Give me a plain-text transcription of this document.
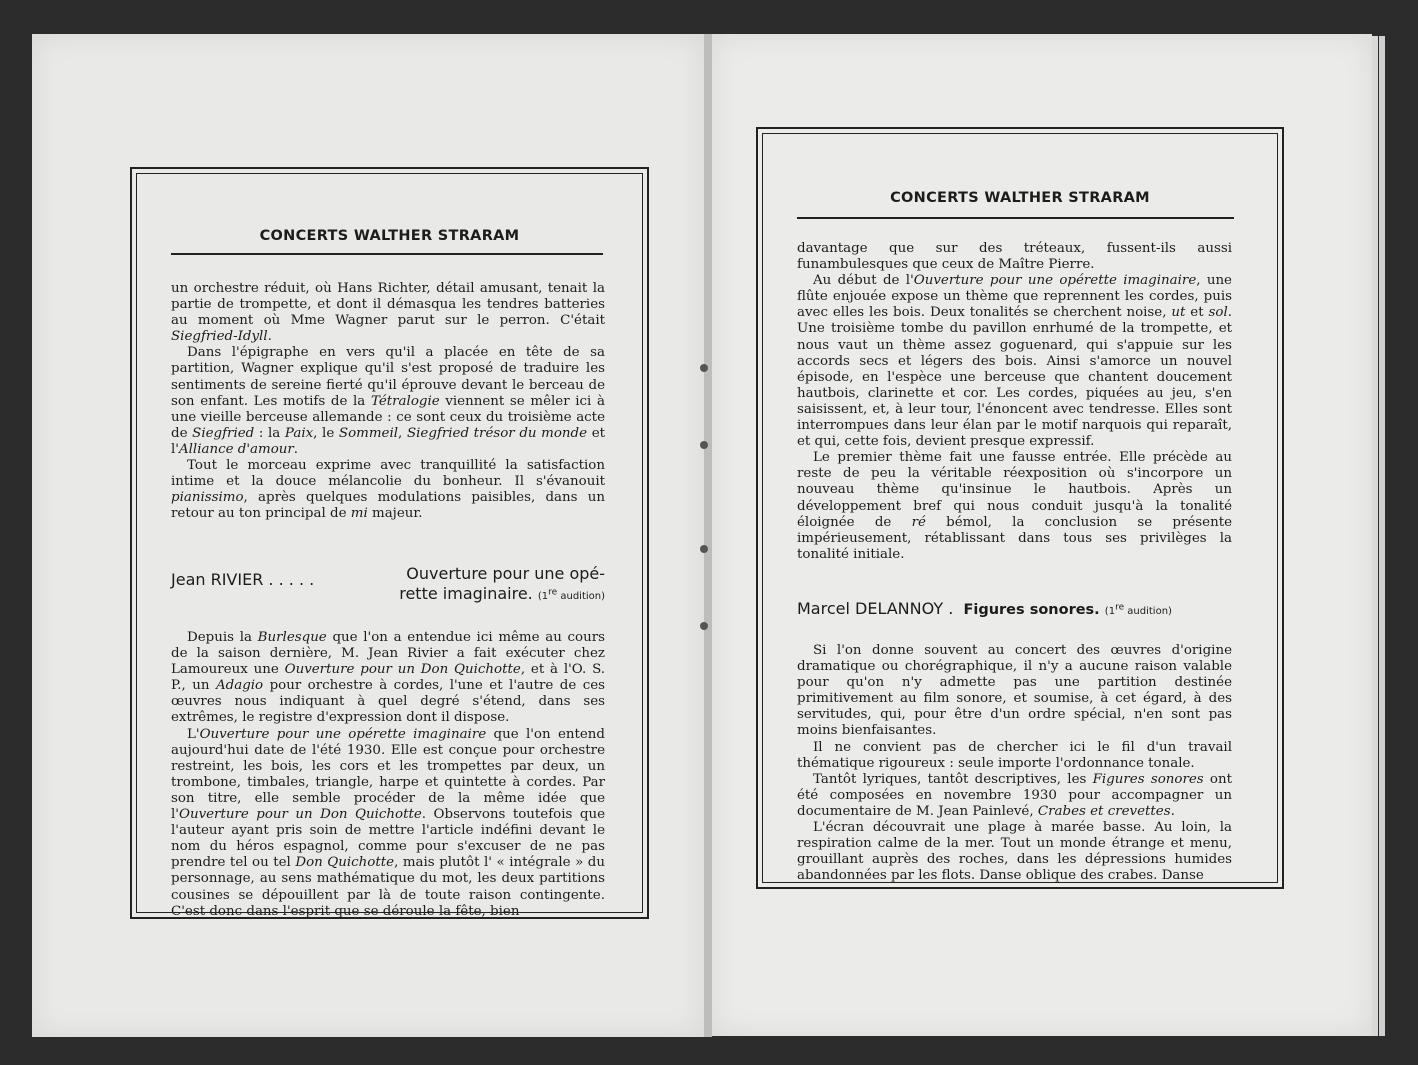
CONCERTS WALTHER STRARAM

un orchestre réduit, où Hans Richter, détail amusant, tenait la partie de trompette, et dont il démasqua les tendres batteries au moment où Mme Wagner parut sur le perron. C'était Siegfried-Idyll.

Dans l'épigraphe en vers qu'il a placée en tête de sa partition, Wagner explique qu'il s'est proposé de traduire les sentiments de sereine fierté qu'il éprouve devant le berceau de son enfant. Les motifs de la Tétralogie viennent se mêler ici à une vieille berceuse allemande : ce sont ceux du troisième acte de Siegfried : la Paix, le Sommeil, Siegfried trésor du monde et l'Alliance d'amour.

Tout le morceau exprime avec tranquillité la satisfaction intime et la douce mélancolie du bonheur. Il s'évanouit pianissimo, après quelques modulations paisibles, dans un retour au ton principal de mi majeur.

Jean RIVIER . . . . .	Ouverture pour une opé-
rette imaginaire. (1re audition)

Depuis la Burlesque que l'on a entendue ici même au cours de la saison dernière, M. Jean Rivier a fait exécuter chez Lamoureux une Ouverture pour un Don Quichotte, et à l'O. S. P., un Adagio pour orchestre à cordes, l'une et l'autre de ces œuvres nous indiquant à quel degré s'étend, dans ses extrêmes, le registre d'expression dont il dispose.

L'Ouverture pour une opérette imaginaire que l'on entend aujourd'hui date de l'été 1930. Elle est conçue pour orchestre restreint, les bois, les cors et les trompettes par deux, un trombone, timbales, triangle, harpe et quintette à cordes. Par son titre, elle semble procéder de la même idée que l'Ouverture pour un Don Quichotte. Observons toutefois que l'auteur ayant pris soin de mettre l'article indéfini devant le nom du héros espagnol, comme pour s'excuser de ne pas prendre tel ou tel Don Quichotte, mais plutôt l' « intégrale » du personnage, au sens mathématique du mot, les deux partitions cousines se dépouillent par là de toute raison contingente. C'est donc dans l'esprit que se déroule la fête, bien

CONCERTS WALTHER STRARAM

davantage que sur des tréteaux, fussent-ils aussi funambulesques que ceux de Maître Pierre.

Au début de l'Ouverture pour une opérette imaginaire, une flûte enjouée expose un thème que reprennent les cordes, puis avec elles les bois. Deux tonalités se cherchent noise, ut et sol. Une troisième tombe du pavillon enrhumé de la trompette, et nous vaut un thème assez goguenard, qui s'appuie sur les accords secs et légers des bois. Ainsi s'amorce un nouvel épisode, en l'espèce une berceuse que chantent doucement hautbois, clarinette et cor. Les cordes, piquées au jeu, s'en saisissent, et, à leur tour, l'énoncent avec tendresse. Elles sont interrompues dans leur élan par le motif narquois qui reparaît, et qui, cette fois, devient presque expressif.

Le premier thème fait une fausse entrée. Elle précède au reste de peu la véritable réexposition où s'incorpore un nouveau thème qu'insinue le hautbois. Après un développement bref qui nous conduit jusqu'à la tonalité éloignée de ré bémol, la conclusion se présente impérieusement, rétablissant dans tous ses privilèges la tonalité initiale.

Marcel DELANNOY . Figures sonores. (1re audition)

Si l'on donne souvent au concert des œuvres d'origine dramatique ou chorégraphique, il n'y a aucune raison valable pour qu'on n'y admette pas une partition destinée primitivement au film sonore, et soumise, à cet égard, à des servitudes, qui, pour être d'un ordre spécial, n'en sont pas moins bienfaisantes.

Il ne convient pas de chercher ici le fil d'un travail thématique rigoureux : seule importe l'ordonnance tonale.

Tantôt lyriques, tantôt descriptives, les Figures sonores ont été composées en novembre 1930 pour accompagner un documentaire de M. Jean Painlevé, Crabes et crevettes.

L'écran découvrait une plage à marée basse. Au loin, la respiration calme de la mer. Tout un monde étrange et menu, grouillant auprès des roches, dans les dépressions humides abandonnées par les flots. Danse oblique des crabes. Danse
